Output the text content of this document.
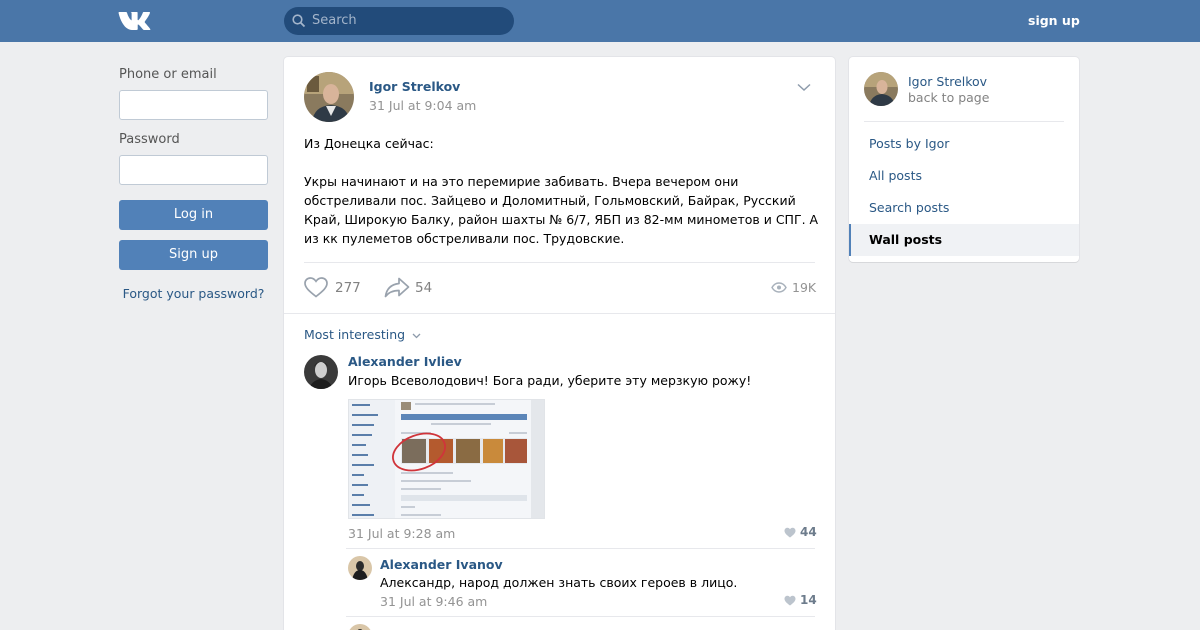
Search	sign up
Phone or email
Password
Log in
Sign up
Forgot your password?
Igor Strelkov
31 Jul at 9:04 am
Из Донецка сейчас:
Укры начинают и на это перемирие забивать. Вчера вечером они обстреливали пос. Зайцево и Доломитный, Гольмовский, Байрак, Русский Край, Широкую Балку, район шахты № 6/7, ЯБП из 82-мм минометов и СПГ. А из кк пулеметов обстреливали пос. Трудовские.
277	54	19K
Most interesting
Alexander Ivliev
Игорь Всеволодович! Бога ради, уберите эту мерзкую рожу!
31 Jul at 9:28 am	44
Alexander Ivanov
Александр, народ должен знать своих героев в лицо.
31 Jul at 9:46 am	14
Igor Strelkov
back to page
Posts by Igor
All posts
Search posts
Wall posts
